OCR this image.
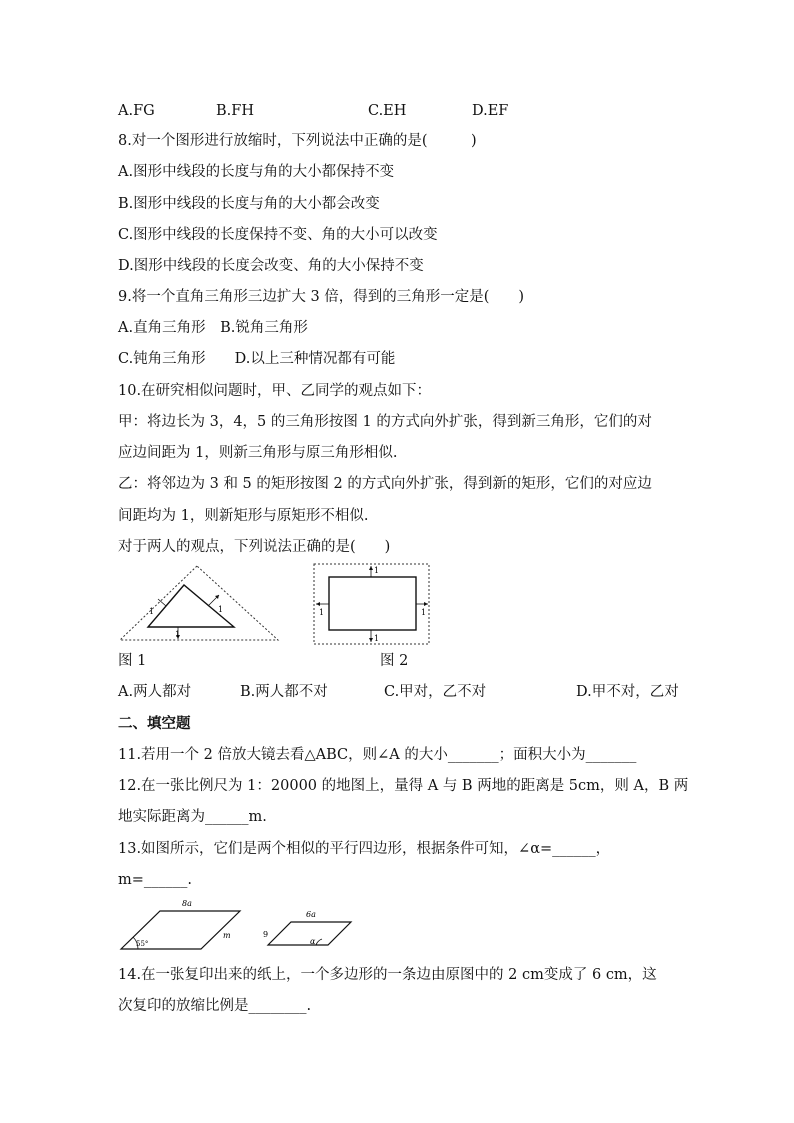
A.FG	B.FH	C.EH	D.EF
8.对一个图形进行放缩时，下列说法中正确的是(　　　)
A.图形中线段的长度与角的大小都保持不变
B.图形中线段的长度与角的大小都会改变
C.图形中线段的长度保持不变、角的大小可以改变
D.图形中线段的长度会改变、角的大小保持不变
9.将一个直角三角形三边扩大 3 倍，得到的三角形一定是(　　)
A.直角三角形　B.锐角三角形
C.钝角三角形　　D.以上三种情况都有可能
10.在研究相似问题时，甲、乙同学的观点如下：
甲：将边长为 3，4，5 的三角形按图 1 的方式向外扩张，得到新三角形，它们的对
应边间距为 1，则新三角形与原三角形相似.
乙：将邻边为 3 和 5 的矩形按图 2 的方式向外扩张，得到新的矩形，它们的对应边
间距均为 1，则新矩形与原矩形不相似.
对于两人的观点，下列说法正确的是(　　)
1	1
1
1
1
1	1
图 1	图 2
A.两人都对	B.两人都不对	C.甲对，乙不对	D.甲不对，乙对
二、填空题
11.若用一个 2 倍放大镜去看△ABC，则∠A 的大小_______；面积大小为_______
12.在一张比例尺为 1：20000 的地图上，量得 A 与 B 两地的距离是 5cm，则 A，B 两
地实际距离为______m.
13.如图所示，它们是两个相似的平行四边形，根据条件可知，∠α=______，
m=______.
8a
55°
m
6a
9
α
14.在一张复印出来的纸上，一个多边形的一条边由原图中的 2 cm变成了 6 cm，这
次复印的放缩比例是________.
